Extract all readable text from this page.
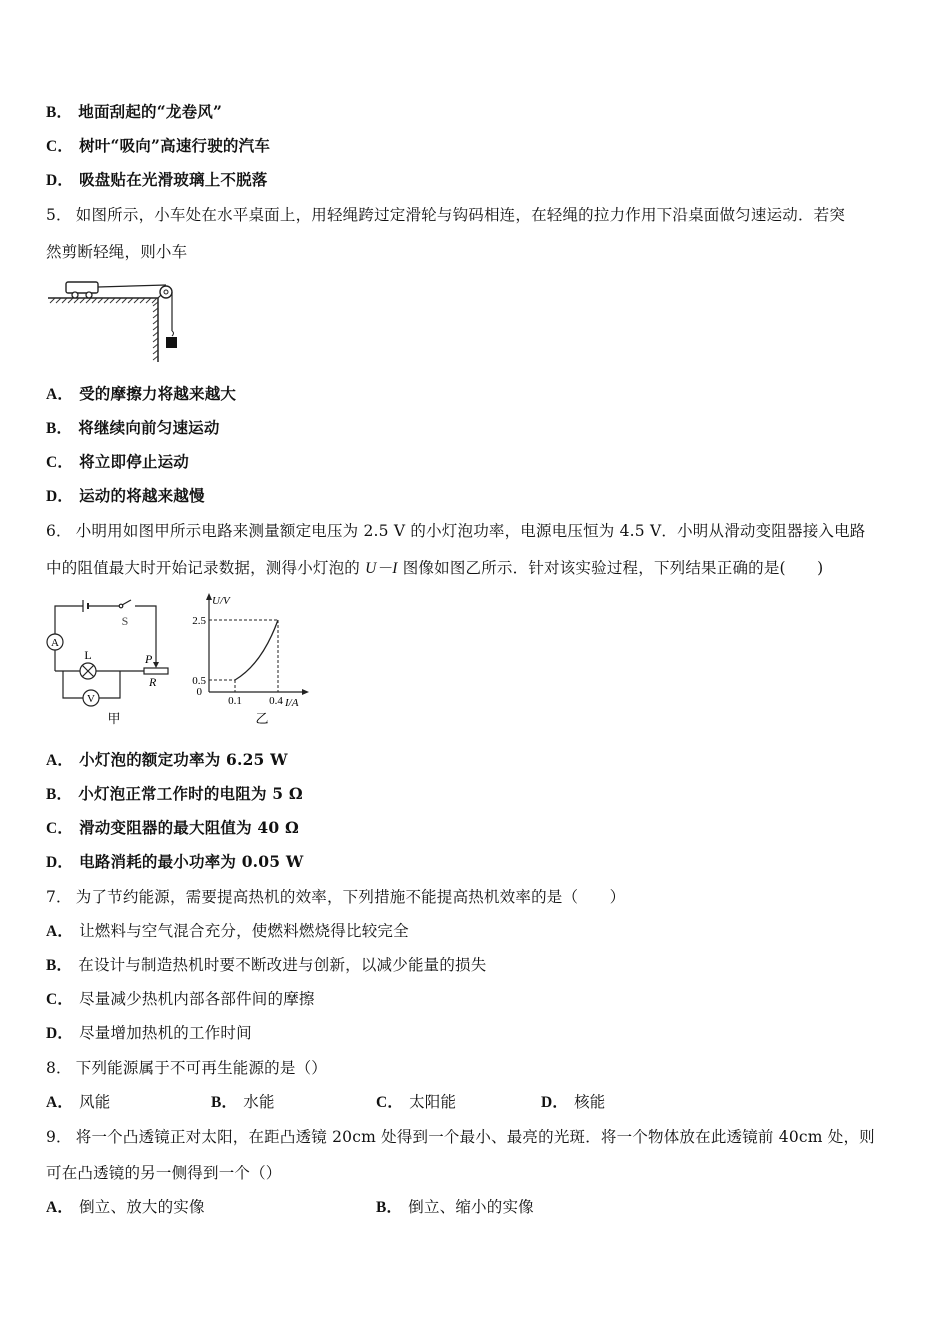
B． 地面刮起的“龙卷风”
C． 树叶“吸向”高速行驶的汽车
D． 吸盘贴在光滑玻璃上不脱落
5． 如图所示，小车处在水平桌面上，用轻绳跨过定滑轮与钩码相连，在轻绳的拉力作用下沿桌面做匀速运动．若突
然剪断轻绳，则小车
A． 受的摩擦力将越来越大
B． 将继续向前匀速运动
C． 将立即停止运动
D． 运动的将越来越慢
6． 小明用如图甲所示电路来测量额定电压为 2.5 V 的小灯泡功率，电源电压恒为 4.5 V．小明从滑动变阻器接入电路
中的阻值最大时开始记录数据，测得小灯泡的 U－I 图像如图乙所示．针对该实验过程，下列结果正确的是(　　)
A
V
L
S
P
R
甲
U/V
I/A
2.5
0.5
0
0.1 0.4
乙
A． 小灯泡的额定功率为 6.25 W
B． 小灯泡正常工作时的电阻为 5 Ω
C． 滑动变阻器的最大阻值为 40 Ω
D． 电路消耗的最小功率为 0.05 W
7． 为了节约能源，需要提高热机的效率，下列措施不能提高热机效率的是（　　）
A． 让燃料与空气混合充分，使燃料燃烧得比较完全
B． 在设计与制造热机时要不断改进与创新，以减少能量的损失
C． 尽量减少热机内部各部件间的摩擦
D． 尽量增加热机的工作时间
8． 下列能源属于不可再生能源的是（）
A． 风能	B． 水能	C． 太阳能	D． 核能
9． 将一个凸透镜正对太阳，在距凸透镜 20cm 处得到一个最小、最亮的光斑．将一个物体放在此透镜前 40cm 处，则
可在凸透镜的另一侧得到一个（）
A． 倒立、放大的实像	B． 倒立、缩小的实像
